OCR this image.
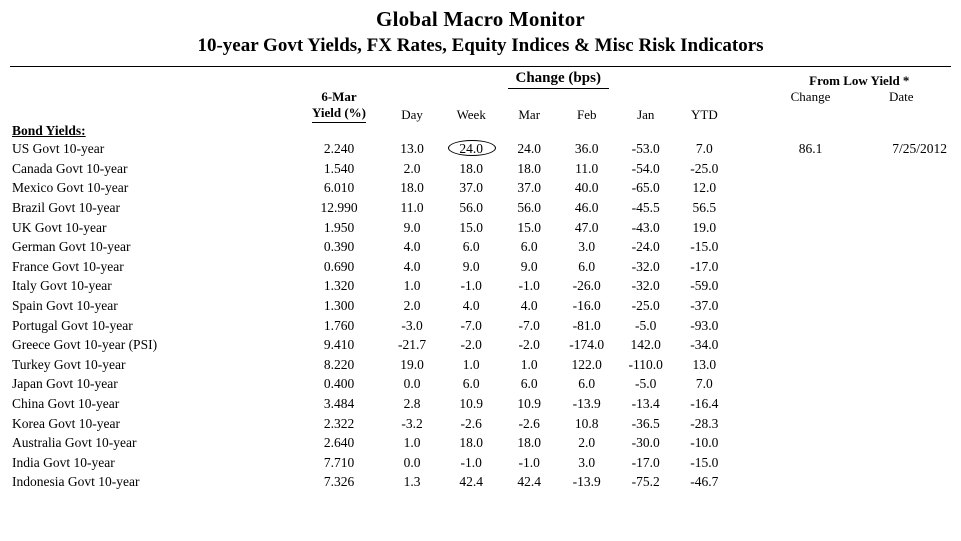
Global Macro Monitor
10-year Govt Yields, FX Rates, Equity Indices & Misc Risk Indicators
		Change (bps)							From Low Yield *	

	6-Mar								Change	Date
	Yield (%)	Day	Week	Mar	Feb	Jan	YTD			
Bond Yields:										
US Govt 10-year	2.240	13.0	24.0	24.0	36.0	-53.0	7.0		86.1	7/25/2012
Canada Govt 10-year	1.540	2.0	18.0	18.0	11.0	-54.0	-25.0			
Mexico Govt 10-year	6.010	18.0	37.0	37.0	40.0	-65.0	12.0			
Brazil Govt 10-year	12.990	11.0	56.0	56.0	46.0	-45.5	56.5			
UK Govt 10-year	1.950	9.0	15.0	15.0	47.0	-43.0	19.0			
German Govt 10-year	0.390	4.0	6.0	6.0	3.0	-24.0	-15.0			
France Govt 10-year	0.690	4.0	9.0	9.0	6.0	-32.0	-17.0			
Italy Govt 10-year	1.320	1.0	-1.0	-1.0	-26.0	-32.0	-59.0			
Spain Govt 10-year	1.300	2.0	4.0	4.0	-16.0	-25.0	-37.0			
Portugal Govt 10-year	1.760	-3.0	-7.0	-7.0	-81.0	-5.0	-93.0			
Greece Govt 10-year (PSI)	9.410	-21.7	-2.0	-2.0	-174.0	142.0	-34.0			
Turkey Govt 10-year	8.220	19.0	1.0	1.0	122.0	-110.0	13.0			
Japan Govt 10-year	0.400	0.0	6.0	6.0	6.0	-5.0	7.0			
China Govt 10-year	3.484	2.8	10.9	10.9	-13.9	-13.4	-16.4			
Korea Govt 10-year	2.322	-3.2	-2.6	-2.6	10.8	-36.5	-28.3			
Australia Govt 10-year	2.640	1.0	18.0	18.0	2.0	-30.0	-10.0			
India Govt 10-year	7.710	0.0	-1.0	-1.0	3.0	-17.0	-15.0			
Indonesia Govt 10-year	7.326	1.3	42.4	42.4	-13.9	-75.2	-46.7			
